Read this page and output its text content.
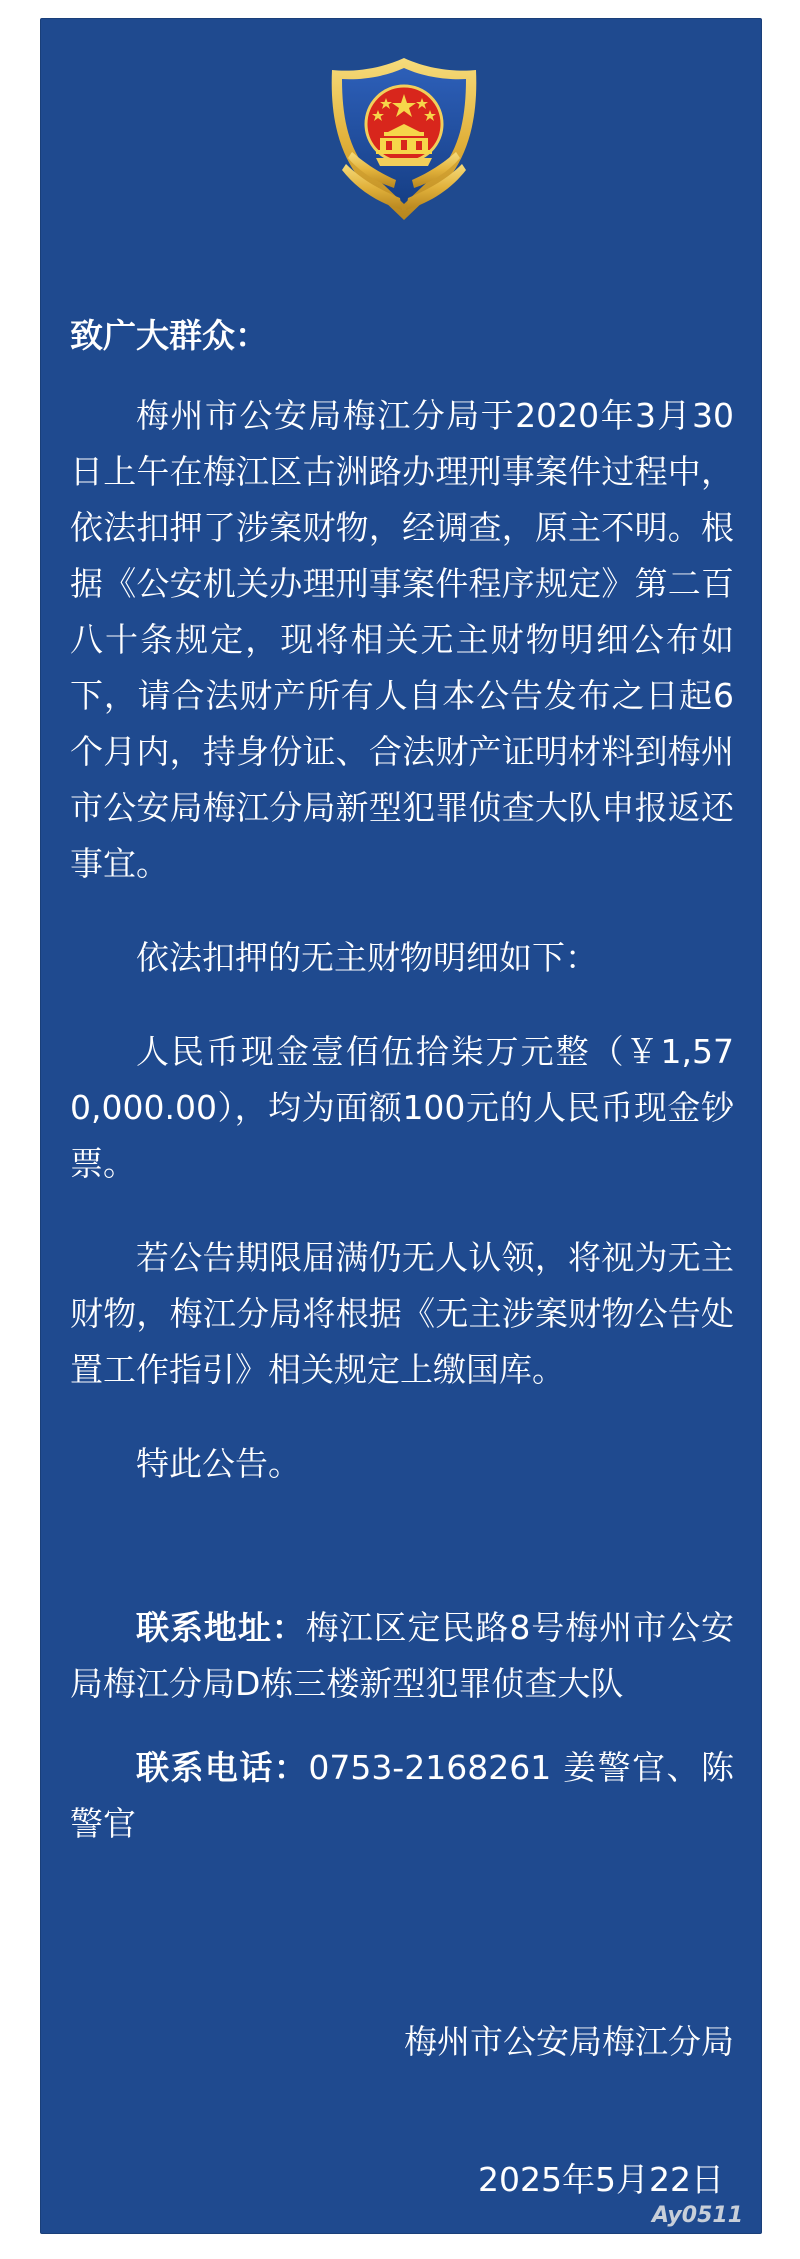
致广大群众：

梅州市公安局梅江分局于2020年3月30日上午在梅江区古洲路办理刑事案件过程中，依法扣押了涉案财物，经调查，原主不明。根据《公安机关办理刑事案件程序规定》第二百八十条规定，现将相关无主财物明细公布如下，请合法财产所有人自本公告发布之日起6个月内，持身份证、合法财产证明材料到梅州市公安局梅江分局新型犯罪侦查大队申报返还事宜。

依法扣押的无主财物明细如下：

人民币现金壹佰伍拾柒万元整（￥1,570,000.00），均为面额100元的人民币现金钞票。

若公告期限届满仍无人认领，将视为无主财物，梅江分局将根据《无主涉案财物公告处置工作指引》相关规定上缴国库。

特此公告。

联系地址：梅江区定民路8号梅州市公安局梅江分局D栋三楼新型犯罪侦查大队

联系电话：0753-2168261 姜警官、陈警官

梅州市公安局梅江分局

2025年5月22日

Ay0511
